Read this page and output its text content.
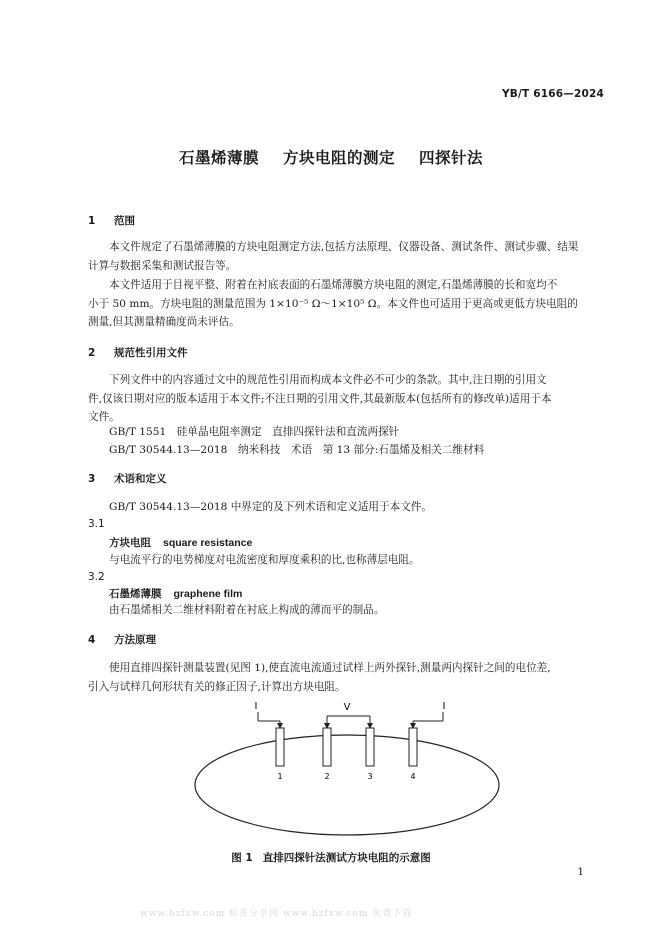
YB/T 6166—2024
石墨烯薄膜 方块电阻的测定 四探针法
1 范围
本文件规定了石墨烯薄膜的方块电阻测定方法,包括方法原理、仪器设备、测试条件、测试步骤、结果
计算与数据采集和测试报告等。
本文件适用于目视平整、附着在衬底表面的石墨烯薄膜方块电阻的测定,石墨烯薄膜的长和宽均不
小于 50 mm。方块电阻的测量范围为 1×10⁻⁵ Ω～1×10⁵ Ω。本文件也可适用于更高或更低方块电阻的
测量,但其测量精确度尚未评估。
2 规范性引用文件
下列文件中的内容通过文中的规范性引用而构成本文件必不可少的条款。其中,注日期的引用文
件,仅该日期对应的版本适用于本文件;不注日期的引用文件,其最新版本(包括所有的修改单)适用于本
文件。
GB/T 1551　硅单晶电阻率测定　直排四探针法和直流两探针
GB/T 30544.13—2018　纳米科技　术语　第 13 部分:石墨烯及相关二维材料
3 术语和定义
GB/T 30544.13—2018 中界定的及下列术语和定义适用于本文件。
3.1
方块电阻 square resistance
与电流平行的电势梯度对电流密度和厚度乘积的比,也称薄层电阻。
3.2
石墨烯薄膜 graphene film
由石墨烯相关二维材料附着在衬底上构成的薄而平的制品。
4 方法原理
使用直排四探针测量装置(见图 1),使直流电流通过试样上两外探针,测量两内探针之间的电位差,
引入与试样几何形状有关的修正因子,计算出方块电阻。
I	V	I
1	2	3	4
图 1 直排四探针法测试方块电阻的示意图
1
www.bzfxw.com 标准分享网 www.bzfxw.com 免费下载
